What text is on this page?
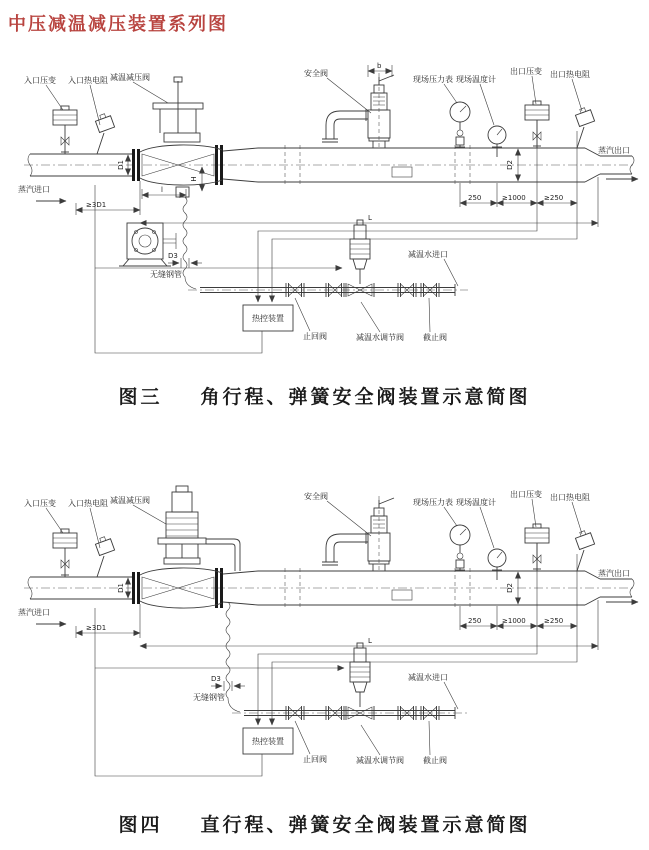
中压减温减压装置系列图
热控装置
D1	D2
H
l
b
≥3D1
L
250	≥1000	≥250
D3
入口压变 入口热电阻 减温减压阀	安全阀
现场压力表 现场温度计
出口压变 出口热电阻
蒸汽出口
蒸汽进口
减温水进口
无缝钢管
止回阀	减温水调节阀 截止阀
图三 角行程、弹簧安全阀装置示意简图
热控装置
D1	D2
≥3D1
L
250	≥1000	≥250
D3
入口压变 入口热电阻 减温减压阀	安全阀
现场压力表 现场温度计
出口压变 出口热电阻
蒸汽出口
蒸汽进口
减温水进口
无缝钢管
止回阀	减温水调节阀 截止阀
图四 直行程、弹簧安全阀装置示意简图
